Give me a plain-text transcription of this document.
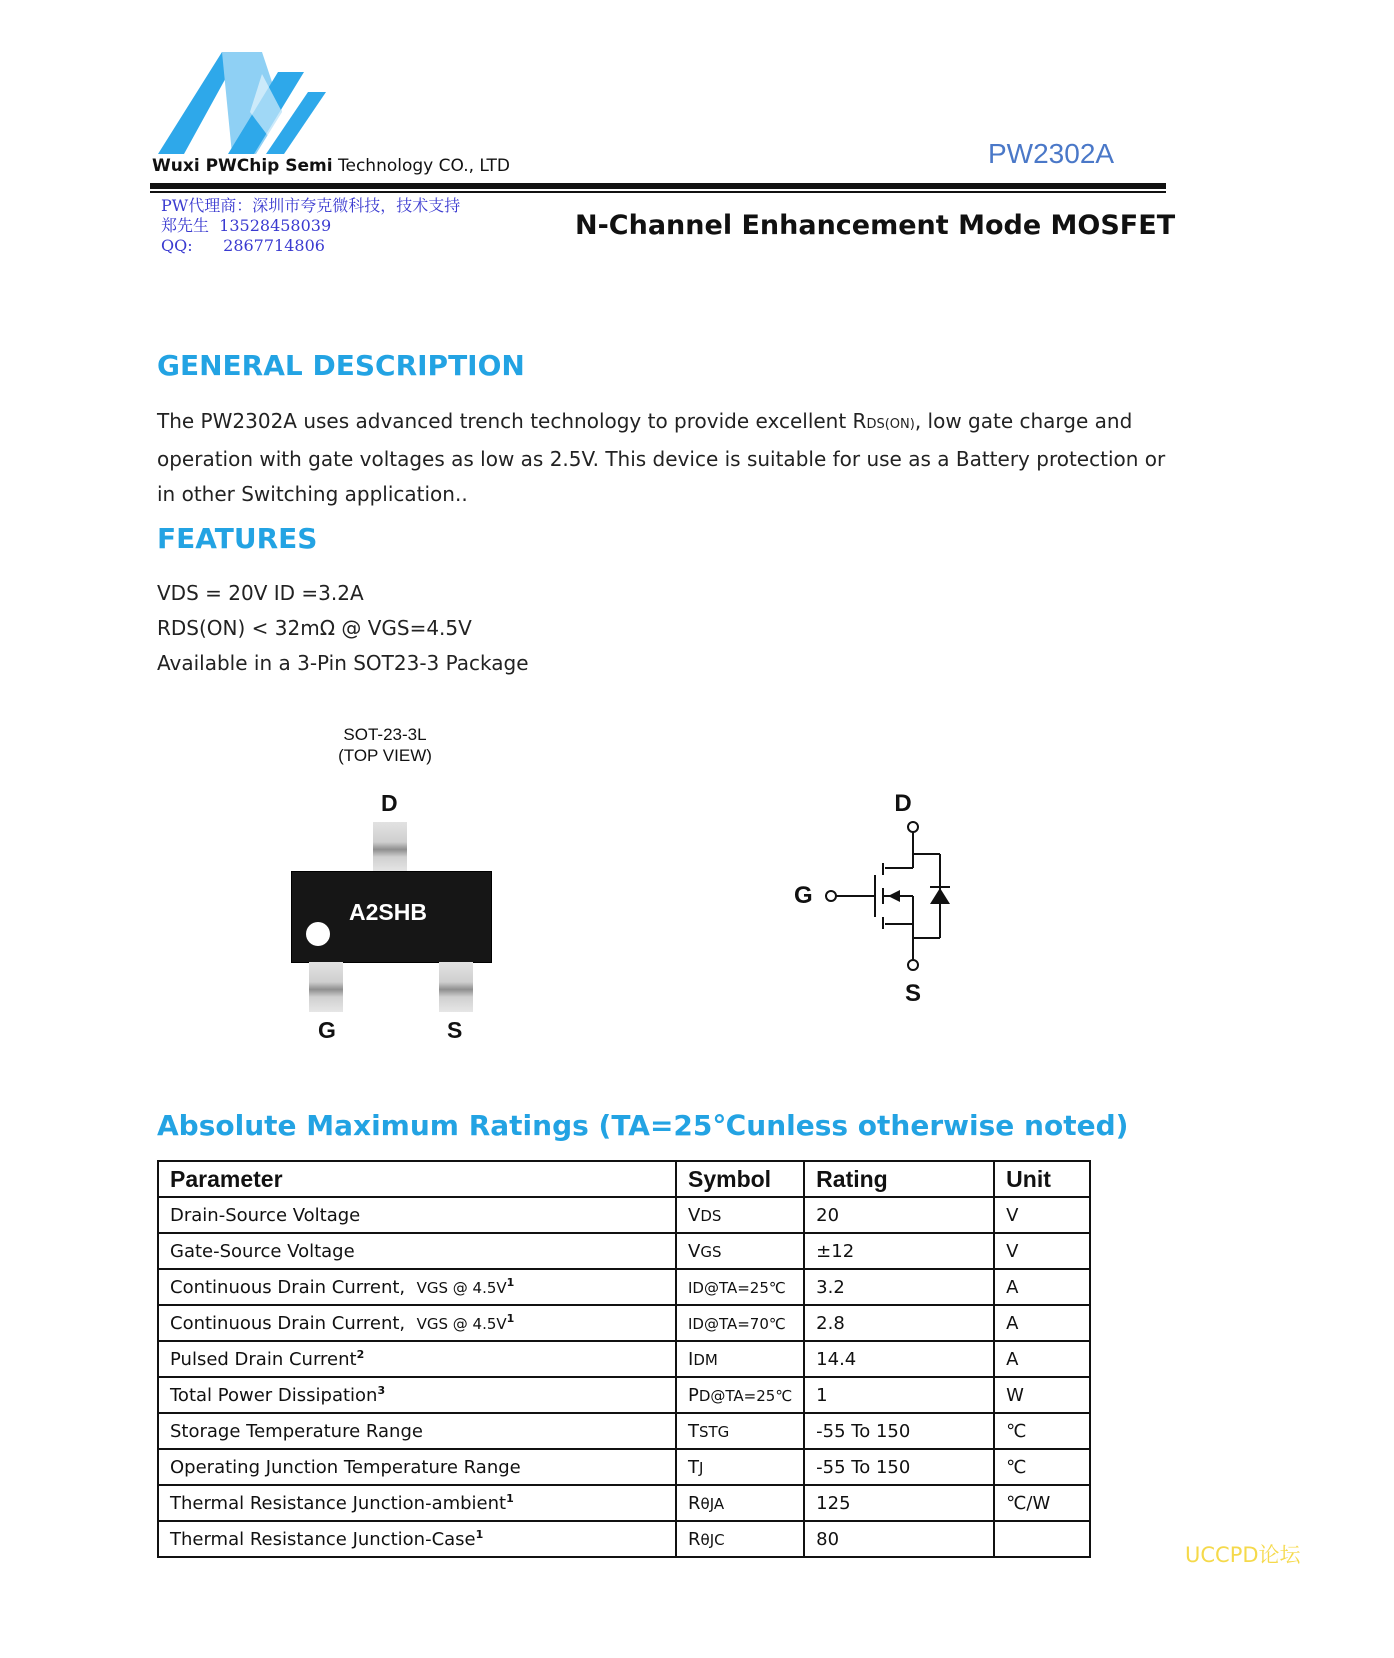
Wuxi PWChip Semi Technology CO., LTD	PW2302A
PW代理商：深圳市夸克微科技，技术支持
郑先生  13528458039
QQ:      2867714806
N-Channel Enhancement Mode MOSFET
GENERAL DESCRIPTION

The PW2302A uses advanced trench technology to provide excellent RDS(ON), low gate charge and

operation with gate voltages as low as 2.5V. This device is suitable for use as a Battery protection or

in other Switching application..

FEATURES
VDS = 20V ID =3.2A
RDS(ON) < 32mΩ @ VGS=4.5V
Available in a 3-Pin SOT23-3 Package
SOT-23-3L
(TOP VIEW)
D
A2SHB
G	S
D
G
S
Absolute Maximum Ratings (TA=25℃unless otherwise noted)
Parameter	Symbol	Rating	Unit
Drain-Source Voltage	VDS	20	V
Gate-Source Voltage	VGS	±12	V
Continuous Drain Current, VGS @ $4.5V^1$	ID@TA=25℃	3.2	A
Continuous Drain Current, VGS @ $4.5V^1$	ID@TA=70℃	2.8	A
Pulsed Drain Current$^2$	IDM	14.4	A
Total Power Dissipation$^3$	PD@TA=25℃	1	W
Storage Temperature Range	TSTG	-55 To 150	℃
Operating Junction Temperature Range	TJ	-55 To 150	℃
Thermal Resistance Junction-ambient$^1$	RθJA	125	℃/W
Thermal Resistance Junction-Case$^1$	RθJC	80	
UCCPD论坛
